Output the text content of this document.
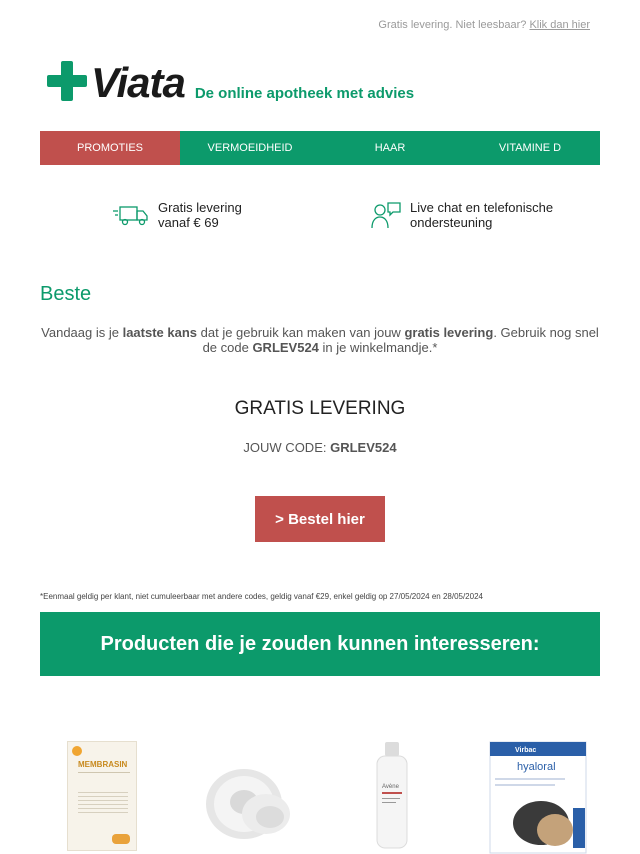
Gratis levering. Niet leesbaar? Klik dan hier
Viata De online apotheek met advies
PROMOTIES	VERMOEIDHEID	HAAR	VITAMINE D
Gratis levering
vanaf € 69
Live chat en telefonische
ondersteuning
Beste
Vandaag is je laatste kans dat je gebruik kan maken van jouw gratis levering. Gebruik nog snel de code GRLEV524 in je winkelmandje.*
GRATIS LEVERING
JOUW CODE: GRLEV524
> Bestel hier
*Eenmaal geldig per klant, niet cumuleerbaar met andere codes, geldig vanaf €29, enkel geldig op 27/05/2024 en 28/05/2024
Producten die je zouden kunnen interesseren:
MEMBRASIN
Avène
Virbac
hyaloral
